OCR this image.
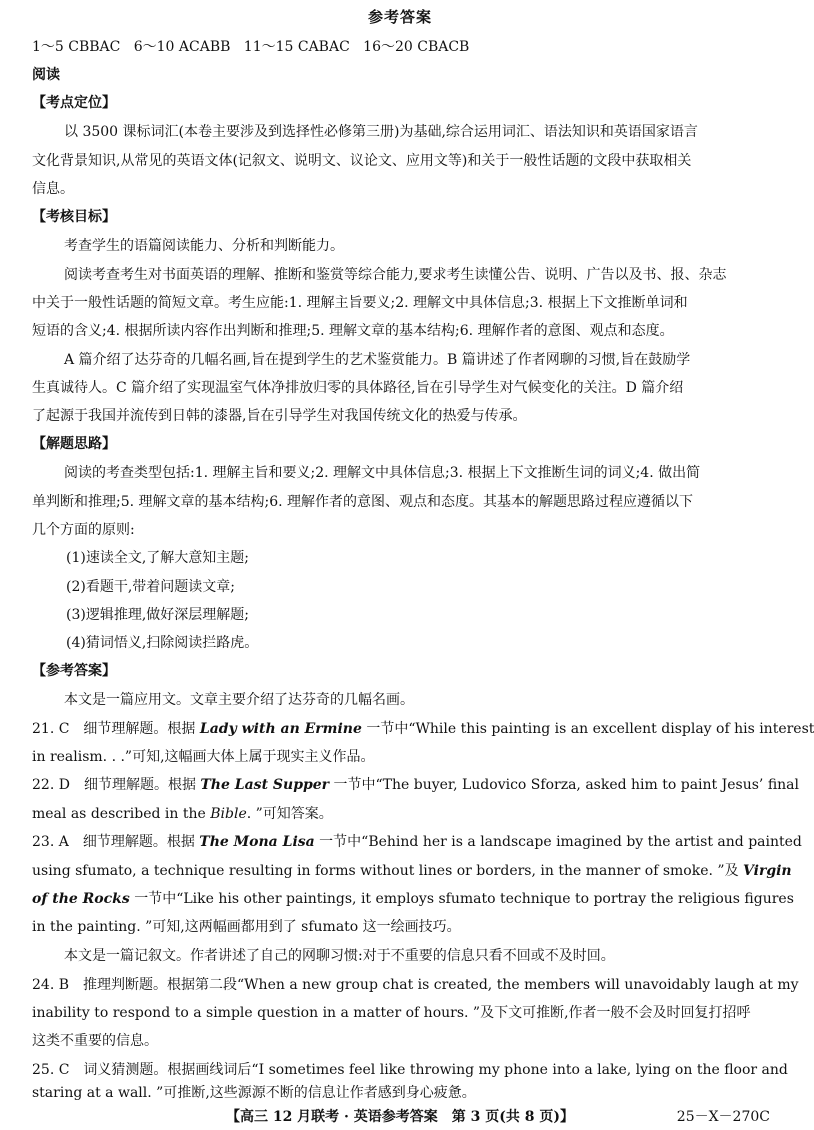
参考答案
1～5 CBBAC 6～10 ACABB 11～15 CABAC 16～20 CBACB
阅读
【考点定位】
以 3500 课标词汇(本卷主要涉及到选择性必修第三册)为基础,综合运用词汇、语法知识和英语国家语言
文化背景知识,从常见的英语文体(记叙文、说明文、议论文、应用文等)和关于一般性话题的文段中获取相关
信息。
【考核目标】
考查学生的语篇阅读能力、分析和判断能力。
阅读考查考生对书面英语的理解、推断和鉴赏等综合能力,要求考生读懂公告、说明、广告以及书、报、杂志
中关于一般性话题的简短文章。考生应能:1. 理解主旨要义;2. 理解文中具体信息;3. 根据上下文推断单词和
短语的含义;4. 根据所读内容作出判断和推理;5. 理解文章的基本结构;6. 理解作者的意图、观点和态度。
A 篇介绍了达芬奇的几幅名画,旨在提到学生的艺术鉴赏能力。B 篇讲述了作者网聊的习惯,旨在鼓励学
生真诚待人。C 篇介绍了实现温室气体净排放归零的具体路径,旨在引导学生对气候变化的关注。D 篇介绍
了起源于我国并流传到日韩的漆器,旨在引导学生对我国传统文化的热爱与传承。
【解题思路】
阅读的考查类型包括:1. 理解主旨和要义;2. 理解文中具体信息;3. 根据上下文推断生词的词义;4. 做出简
单判断和推理;5. 理解文章的基本结构;6. 理解作者的意图、观点和态度。其基本的解题思路过程应遵循以下
几个方面的原则:
(1)速读全文,了解大意知主题;
(2)看题干,带着问题读文章;
(3)逻辑推理,做好深层理解题;
(4)猜词悟义,扫除阅读拦路虎。
【参考答案】
本文是一篇应用文。文章主要介绍了达芬奇的几幅名画。
21. C　细节理解题。根据 Lady with an Ermine 一节中“While this painting is an excellent display of his interest
in realism. . .”可知,这幅画大体上属于现实主义作品。
22. D　细节理解题。根据 The Last Supper 一节中“The buyer, Ludovico Sforza, asked him to paint Jesus’ final
meal as described in the Bible. ”可知答案。
23. A　细节理解题。根据 The Mona Lisa 一节中“Behind her is a landscape imagined by the artist and painted
using sfumato, a technique resulting in forms without lines or borders, in the manner of smoke. ”及 Virgin
of the Rocks 一节中“Like his other paintings, it employs sfumato technique to portray the religious figures
in the painting. ”可知,这两幅画都用到了 sfumato 这一绘画技巧。
本文是一篇记叙文。作者讲述了自己的网聊习惯:对于不重要的信息只看不回或不及时回。
24. B　推理判断题。根据第二段“When a new group chat is created, the members will unavoidably laugh at my
inability to respond to a simple question in a matter of hours. ”及下文可推断,作者一般不会及时回复打招呼
这类不重要的信息。
25. C　词义猜测题。根据画线词后“I sometimes feel like throwing my phone into a lake, lying on the floor and
staring at a wall. ”可推断,这些源源不断的信息让作者感到身心疲惫。
【高三 12 月联考 · 英语参考答案　第 3 页(共 8 页)】	25－X－270C
